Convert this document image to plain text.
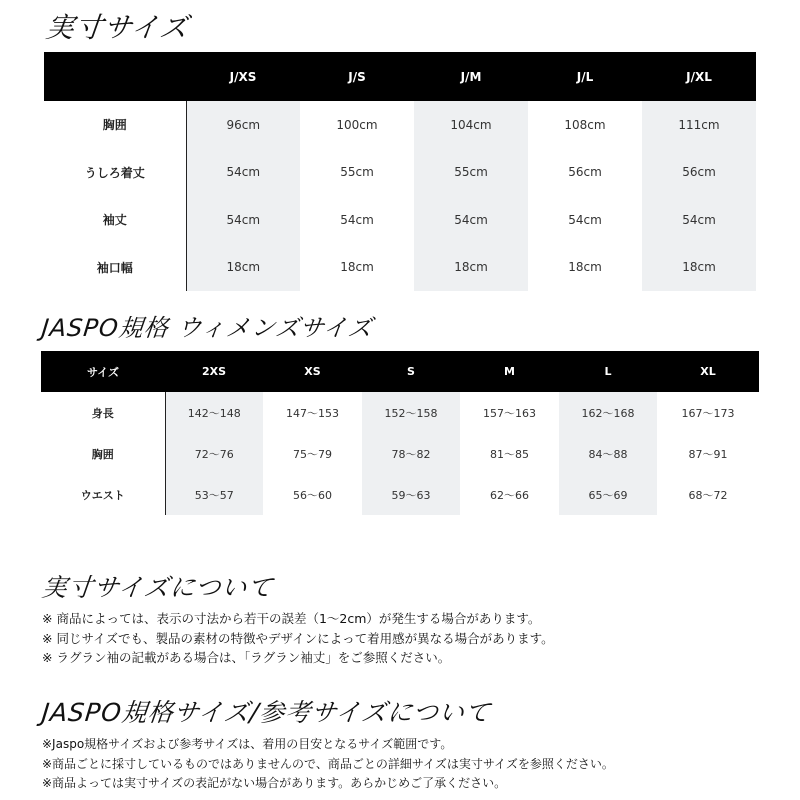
実寸サイズ
	J/XS	J/S	J/M	J/L	J/XL
胸囲	96cm	100cm	104cm	108cm	111cm
うしろ着丈	54cm	55cm	55cm	56cm	56cm
袖丈	54cm	54cm	54cm	54cm	54cm
袖口幅	18cm	18cm	18cm	18cm	18cm
JASPO規格 ウィメンズサイズ
サイズ	2XS	XS	S	M	L	XL
身長	142～148	147～153	152～158	157～163	162～168	167～173
胸囲	72～76	75～79	78～82	81～85	84～88	87～91
ウエスト	53～57	56～60	59～63	62～66	65～69	68～72
実寸サイズについて
※ 商品によっては、表示の寸法から若干の誤差（1～2cm）が発生する場合があります。
※ 同じサイズでも、製品の素材の特徴やデザインによって着用感が異なる場合があります。
※ ラグラン袖の記載がある場合は、「ラグラン袖丈」をご参照ください。
JASPO規格サイズ/参考サイズについて
※Jaspo規格サイズおよび参考サイズは、着用の目安となるサイズ範囲です。
※商品ごとに採寸しているものではありませんので、商品ごとの詳細サイズは実寸サイズを参照ください。
※商品よっては実寸サイズの表記がない場合があります。あらかじめご了承ください。
